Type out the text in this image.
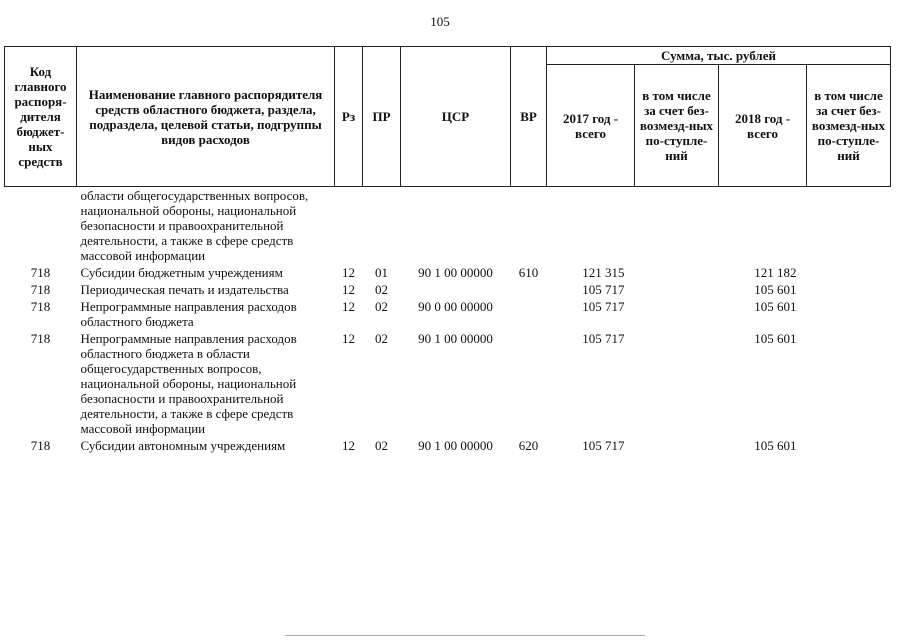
105
Код главного распоря-дителя бюджет-ных средств	Наименование главного распорядителя средств областного бюджета, раздела, подраздела, целевой статьи, подгруппы видов расходов	Рз	ПР	ЦСР	ВР	Сумма, тыс. рублей			
						2017 год - всего	в том числе за счет без-возмезд-ных по-ступле-ний	2018 год - всего	в том числе за счет без-возмезд-ных по-ступле-ний
	области общегосударственных вопросов, национальной обороны, национальной безопасности и правоохранительной деятельности, а также в сфере средств массовой информации								
718	Субсидии бюджетным учреждениям	12	01	90 1 00 00000	610	121 315		121 182	
718	Периодическая печать и издательства	12	02			105 717		105 601	
718	Непрограммные направления расходов областного бюджета	12	02	90 0 00 00000		105 717		105 601	
718	Непрограммные направления расходов областного бюджета в области общегосударственных вопросов, национальной обороны, национальной безопасности и правоохранительной деятельности, а также в сфере средств массовой информации	12	02	90 1 00 00000		105 717		105 601	
718	Субсидии автономным учреждениям	12	02	90 1 00 00000	620	105 717		105 601	
